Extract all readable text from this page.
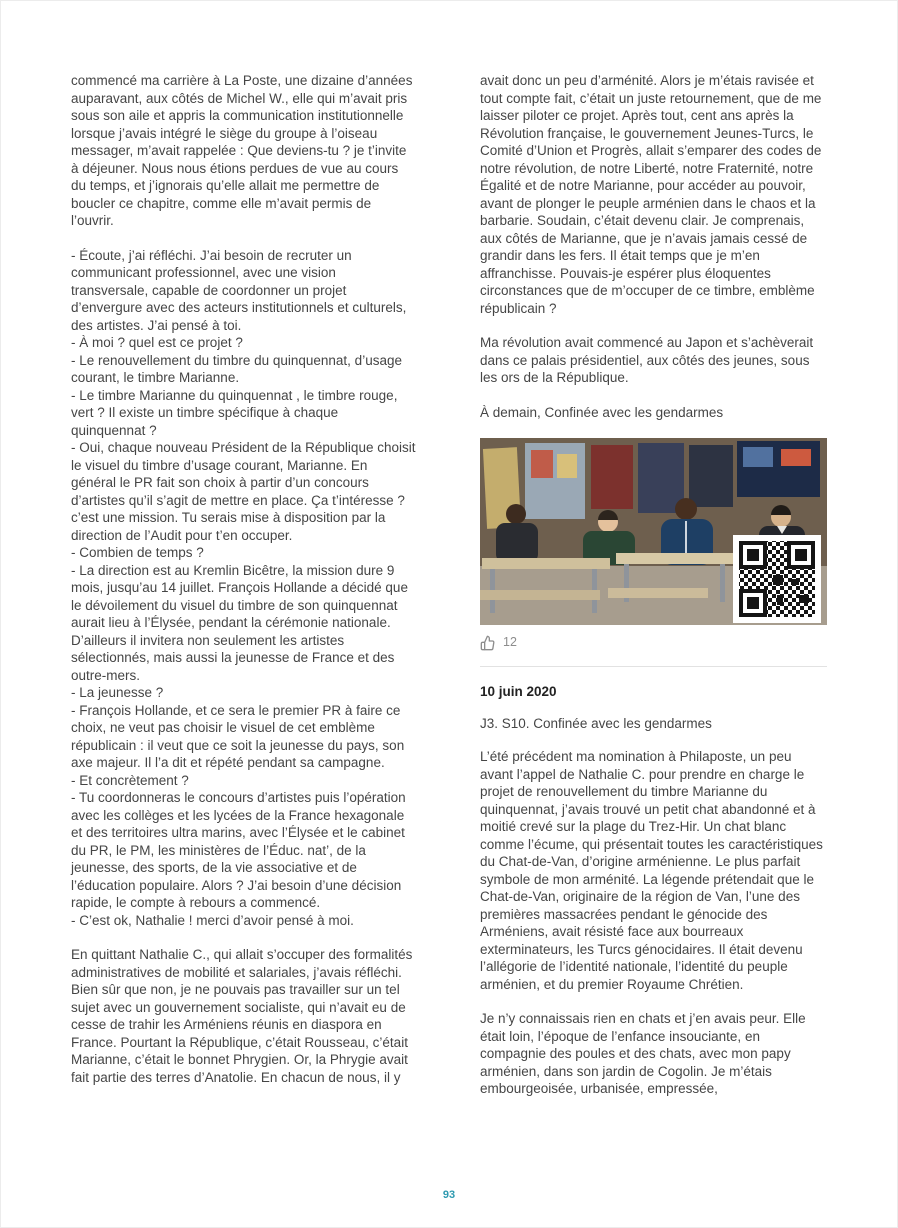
commencé ma carrière à La Poste, une dizaine d’années auparavant, aux côtés de Michel W., elle qui m’avait pris sous son aile et appris la communication institutionnelle lorsque j’avais intégré le siège du groupe à l’oiseau messager, m’avait rappelée : Que deviens-tu ? je t’invite à déjeuner. Nous nous étions perdues de vue au cours du temps, et j’ignorais qu’elle allait me permettre de boucler ce chapitre, comme elle m’avait permis de l’ouvrir.

- Écoute, j’ai réfléchi. J’ai besoin de recruter un communicant professionnel, avec une vision transversale, capable de coordonner un projet d’envergure avec des acteurs institutionnels et culturels, des artistes. J’ai pensé à toi.

- À moi ? quel est ce projet ?

- Le renouvellement du timbre du quinquennat, d’usage courant, le timbre Marianne.

- Le timbre Marianne du quinquennat , le timbre rouge, vert ? Il existe un timbre spécifique à chaque quinquennat ?

- Oui, chaque nouveau Président de la République choisit le visuel du timbre d’usage courant, Marianne. En général le PR fait son choix à partir d’un concours d’artistes qu’il s’agit de mettre en place. Ça t’intéresse ? c’est une mission. Tu serais mise à disposition par la direction de l’Audit pour t’en occuper.

- Combien de temps ?

- La direction est au Kremlin Bicêtre, la mission dure 9 mois, jusqu’au 14 juillet. François Hollande a décidé que le dévoilement du visuel du timbre de son quinquennat aurait lieu à l’Élysée, pendant la cérémonie nationale. D’ailleurs il invitera non seulement les artistes sélectionnés, mais aussi la jeunesse de France et des outre-mers.

- La jeunesse ?

- François Hollande, et ce sera le premier PR à faire ce choix, ne veut pas choisir le visuel de cet emblème républicain : il veut que ce soit la jeunesse du pays, son axe majeur. Il l’a dit et répété pendant sa campagne.

- Et concrètement ?

- Tu coordonneras le concours d’artistes puis l’opération avec les collèges et les lycées de la France hexagonale et des territoires ultra marins, avec l’Élysée et le cabinet du PR, le PM, les ministères de l’Éduc. nat’, de la jeunesse, des sports, de la vie associative et de l’éducation populaire. Alors ? J’ai besoin d’une décision rapide, le compte à rebours a commencé.

- C’est ok, Nathalie ! merci d’avoir pensé à moi.

En quittant Nathalie C., qui allait s’occuper des formalités administratives de mobilité et salariales, j’avais réfléchi. Bien sûr que non, je ne pouvais pas travailler sur un tel sujet avec un gouvernement socialiste, qui n’avait eu de cesse de trahir les Arméniens réunis en diaspora en France. Pourtant la République, c’était Rousseau, c’était Marianne, c’était le bonnet Phrygien. Or, la Phrygie avait fait partie des terres d’Anatolie. En chacun de nous, il y

avait donc un peu d’arménité. Alors je m’étais ravisée et tout compte fait, c’était un juste retournement, que de me laisser piloter ce projet. Après tout, cent ans après la Révolution française, le gouvernement Jeunes-Turcs, le Comité d’Union et Progrès, allait s’emparer des codes de notre révolution, de notre Liberté, notre Fraternité, notre Égalité et de notre Marianne, pour accéder au pouvoir, avant de plonger le peuple arménien dans le chaos et la barbarie. Soudain, c’était devenu clair. Je comprenais, aux côtés de Marianne, que je n’avais jamais cessé de grandir dans les fers. Il était temps que je m’en affranchisse. Pouvais-je espérer plus éloquentes circonstances que de m’occuper de ce timbre, emblème républicain ?

Ma révolution avait commencé au Japon et s’achèverait dans ce palais présidentiel, aux côtés des jeunes, sous les ors de la République.

À demain, Confinée avec les gendarmes

12
10 juin 2020

J3. S10. Confinée avec les gendarmes

L’été précédent ma nomination à Philaposte, un peu avant l’appel de Nathalie C. pour prendre en charge le projet de renouvellement du timbre Marianne du quinquennat, j’avais trouvé un petit chat abandonné et à moitié crevé sur la plage du Trez-Hir. Un chat blanc comme l’écume, qui présentait toutes les caractéristiques du Chat-de-Van, d’origine arménienne. Le plus parfait symbole de mon arménité. La légende prétendait que le Chat-de-Van, originaire de la région de Van, l’une des premières massacrées pendant le génocide des Arméniens, avait résisté face aux bourreaux exterminateurs, les Turcs génocidaires. Il était devenu l’allégorie de l’identité nationale, l’identité du peuple arménien, et du premier Royaume Chrétien.

Je n’y connaissais rien en chats et j’en avais peur. Elle était loin, l’époque de l’enfance insouciante, en compagnie des poules et des chats, avec mon papy arménien, dans son jardin de Cogolin. Je m’étais embourgeoisée, urbanisée, empressée,

93
